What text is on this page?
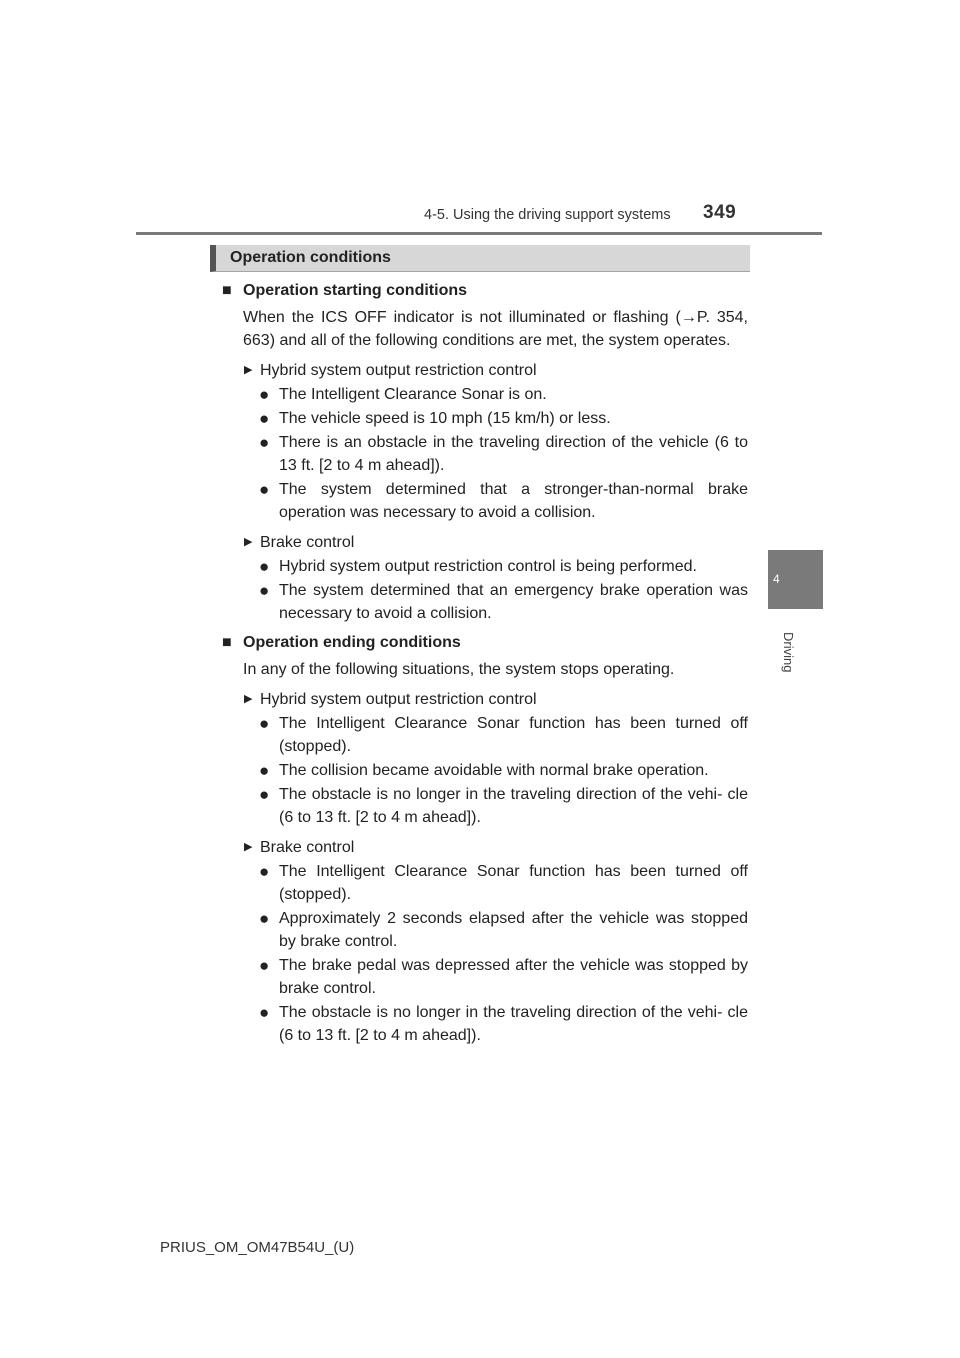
4-5. Using the driving support systems 349
4
Driving
Operation conditions
■ Operation starting conditions
When the ICS OFF indicator is not illuminated or flashing (→P. 354, 663) and all of the following conditions are met, the system operates.
▶ Hybrid system output restriction control
● The Intelligent Clearance Sonar is on.
● The vehicle speed is 10 mph (15 km/h) or less.
● There is an obstacle in the traveling direction of the vehicle (6 to 13 ft. [2 to 4 m ahead]).
● The system determined that a stronger-than-normal brake operation was necessary to avoid a collision.
▶ Brake control
● Hybrid system output restriction control is being performed.
● The system determined that an emergency brake operation was necessary to avoid a collision.
■ Operation ending conditions
In any of the following situations, the system stops operating.
▶ Hybrid system output restriction control
● The Intelligent Clearance Sonar function has been turned off (stopped).
● The collision became avoidable with normal brake operation.
● The obstacle is no longer in the traveling direction of the vehi- cle (6 to 13 ft. [2 to 4 m ahead]).
▶ Brake control
● The Intelligent Clearance Sonar function has been turned off (stopped).
● Approximately 2 seconds elapsed after the vehicle was stopped by brake control.
● The brake pedal was depressed after the vehicle was stopped by brake control.
● The obstacle is no longer in the traveling direction of the vehi- cle (6 to 13 ft. [2 to 4 m ahead]).
PRIUS_OM_OM47B54U_(U)
